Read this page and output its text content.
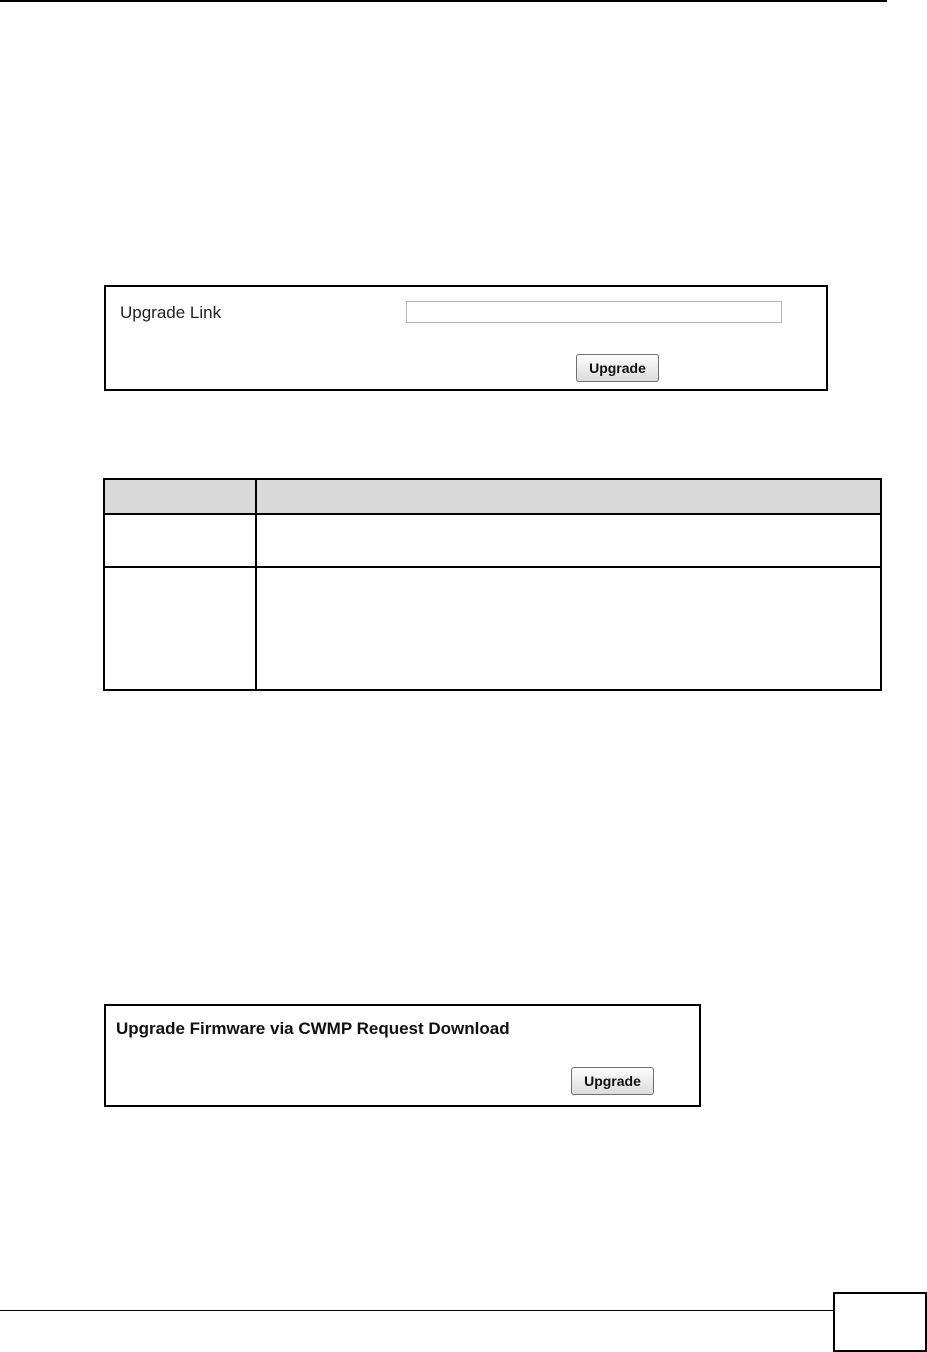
Upgrade Link
Upgrade
Upgrade Firmware via CWMP Request Download
Upgrade
